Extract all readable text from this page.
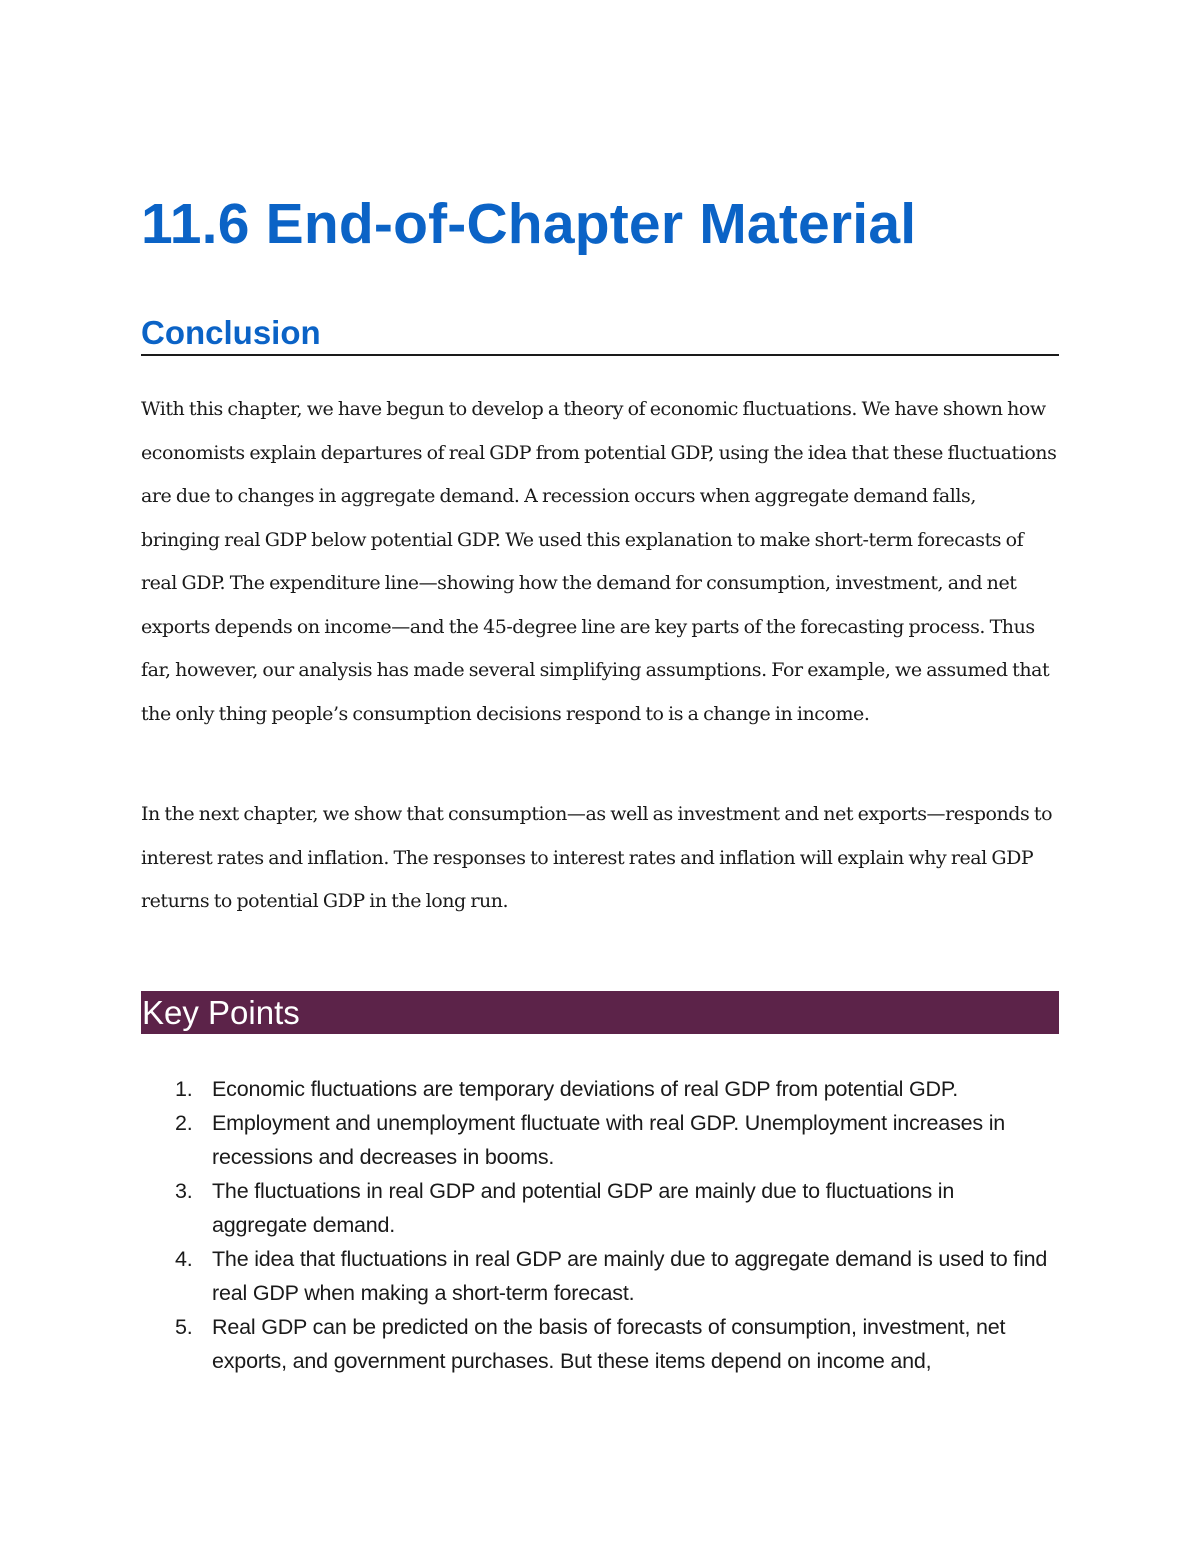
11.6 End-of-Chapter Material
Conclusion

With this chapter, we have begun to develop a theory of economic fluctuations. We have shown how economists explain departures of real GDP from potential GDP, using the idea that these fluctuations are due to changes in aggregate demand. A recession occurs when aggregate demand falls, bringing real GDP below potential GDP. We used this explanation to make short-term forecasts of real GDP. The expenditure line—showing how the demand for consumption, investment, and net exports depends on income—and the 45-degree line are key parts of the forecasting process. Thus far, however, our analysis has made several simplifying assumptions. For example, we assumed that the only thing people’s consumption decisions respond to is a change in income.

In the next chapter, we show that consumption—as well as investment and net exports—responds to interest rates and inflation. The responses to interest rates and inflation will explain why real GDP returns to potential GDP in the long run.

Key Points
1. Economic fluctuations are temporary deviations of real GDP from potential GDP.
2. Employment and unemployment fluctuate with real GDP. Unemployment increases in recessions and decreases in booms.
3. The fluctuations in real GDP and potential GDP are mainly due to fluctuations in aggregate demand.
4. The idea that fluctuations in real GDP are mainly due to aggregate demand is used to find real GDP when making a short-term forecast.
5. Real GDP can be predicted on the basis of forecasts of consumption, investment, net exports, and government purchases. But these items depend on income and,
